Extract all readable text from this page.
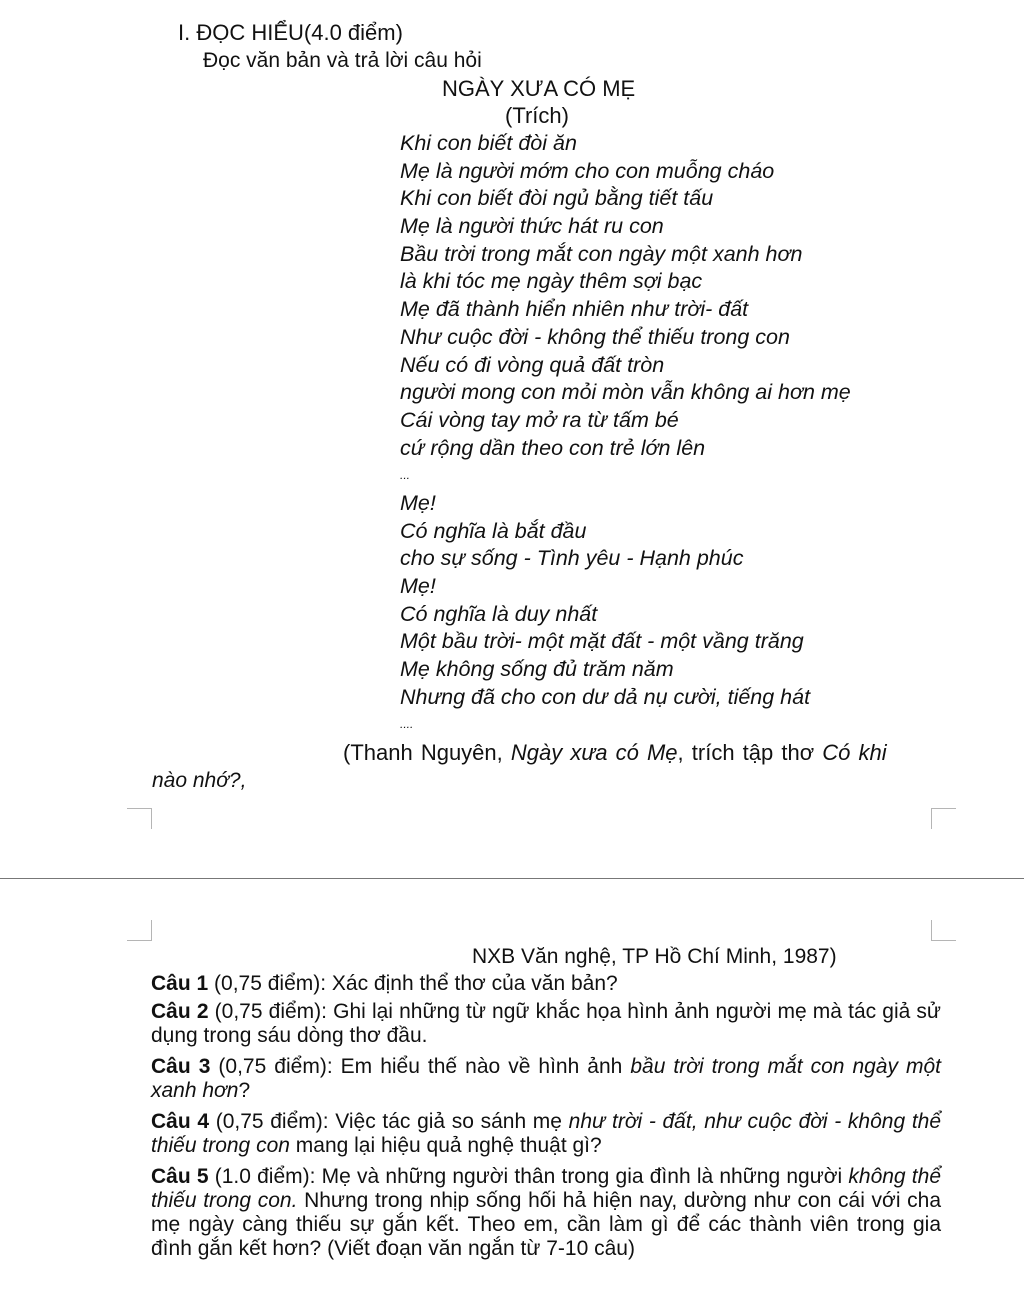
I. ĐỌC HIỂU(4.0 điểm)
Đọc văn bản và trả lời câu hỏi
NGÀY XƯA CÓ MẸ
(Trích)
Khi con biết đòi ăn
Mẹ là người mớm cho con muỗng cháo
Khi con biết đòi ngủ bằng tiết tấu
Mẹ là người thức hát ru con
Bầu trời trong mắt con ngày một xanh hơn
là khi tóc mẹ ngày thêm sợi bạc
Mẹ đã thành hiển nhiên như trời- đất
Như cuộc đời - không thể thiếu trong con
Nếu có đi vòng quả đất tròn
người mong con mỏi mòn vẫn không ai hơn mẹ
Cái vòng tay mở ra từ tấm bé
cứ rộng dần theo con trẻ lớn lên
...
Mẹ!
Có nghĩa là bắt đầu
cho sự sống - Tình yêu - Hạnh phúc
Mẹ!
Có nghĩa là duy nhất
Một bầu trời- một mặt đất - một vầng trăng
Mẹ không sống đủ trăm năm
Nhưng đã cho con dư dả nụ cười, tiếng hát
....
(Thanh Nguyên, Ngày xưa có Mẹ, trích tập thơ Có khi
nào nhớ?,
NXB Văn nghệ, TP Hồ Chí Minh, 1987)
Câu 1 (0,75 điểm): Xác định thể thơ của văn bản?
Câu 2 (0,75 điểm): Ghi lại những từ ngữ khắc họa hình ảnh người mẹ mà tác giả sử dụng trong sáu dòng thơ đầu.
Câu 3 (0,75 điểm): Em hiểu thế nào về hình ảnh bầu trời trong mắt con ngày một xanh hơn?
Câu 4 (0,75 điểm): Việc tác giả so sánh mẹ như trời - đất, như cuộc đời - không thể thiếu trong con mang lại hiệu quả nghệ thuật gì?
Câu 5 (1.0 điểm): Mẹ và những người thân trong gia đình là những người không thể thiếu trong con. Nhưng trong nhịp sống hối hả hiện nay, dường như con cái với cha mẹ ngày càng thiếu sự gắn kết. Theo em, cần làm gì để các thành viên trong gia đình gắn kết hơn? (Viết đoạn văn ngắn từ 7-10 câu)
